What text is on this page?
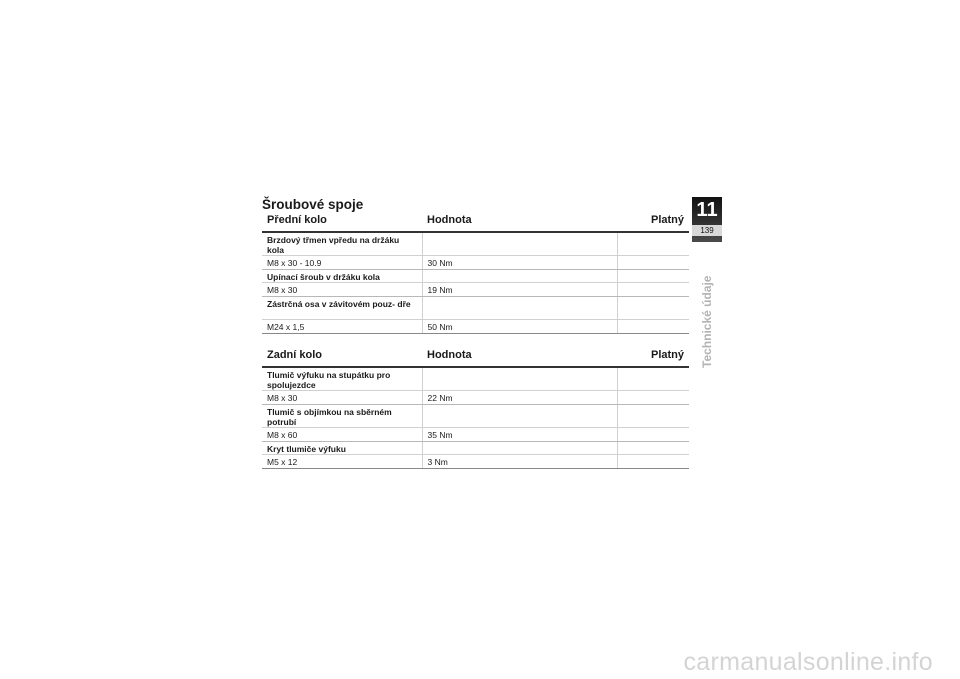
Šroubové spoje
Přední kolo	Hodnota	Platný
Brzdový třmen vpředu na držáku kola		
M8 x 30 - 10.9	30 Nm	
Upínací šroub v držáku kola		
M8 x 30	19 Nm	
Zástrčná osa v závitovém pouz- dře		
M24 x 1,5	50 Nm	
Zadní kolo	Hodnota	Platný
Tlumič výfuku na stupátku pro spolujezdce		
M8 x 30	22 Nm	
Tlumič s objímkou na sběrném potrubí		
M8 x 60	35 Nm	
Kryt tlumiče výfuku		
M5 x 12	3 Nm	
11
139
Technické údaje
carmanualsonline.info
